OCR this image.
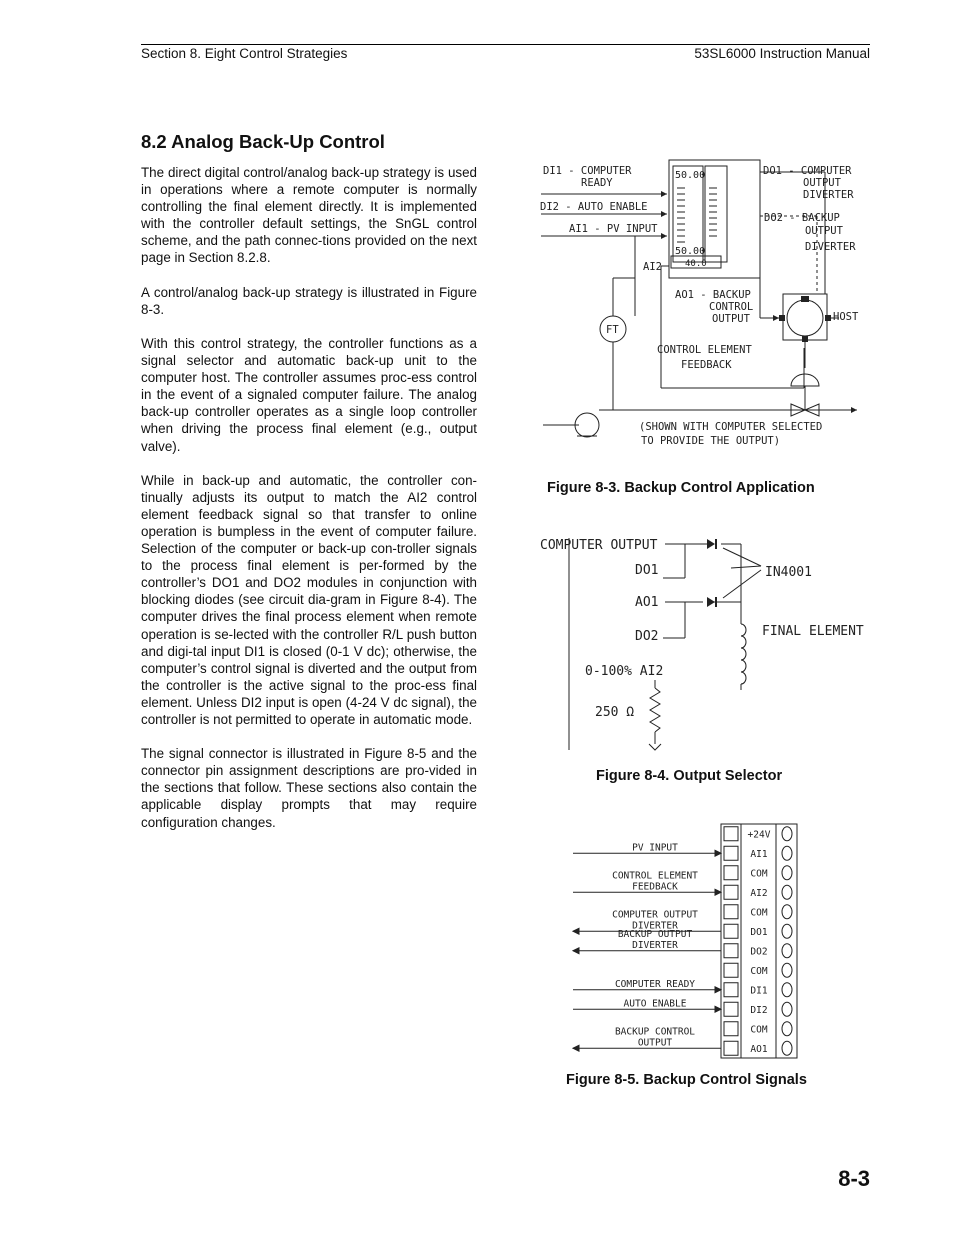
Section 8. Eight Control Strategies	53SL6000 Instruction Manual
8.2 Analog Back-Up Control

The direct digital control/analog back-up strategy is used in operations where a remote computer is normally controlling the final element directly. It is implemented with the controller default settings, the SnGL control scheme, and the path connec-tions provided on the next page in Section 8.2.8.

A control/analog back-up strategy is illustrated in Figure 8-3.

With this control strategy, the controller functions as a signal selector and automatic back-up unit to the computer host. The controller assumes proc-ess control in the event of a signaled computer failure. The analog back-up controller operates as a single loop controller when driving the process final element (e.g., output valve).

While in back-up and automatic, the controller con-tinually adjusts its output to match the AI2 control element feedback signal so that transfer to online operation is bumpless in the event of computer failure. Selection of the computer or back-up con-troller signals to the process final element is per-formed by the controller’s DO1 and DO2 modules in conjunction with blocking diodes (see circuit dia-gram in Figure 8-4). The computer drives the final process element when remote operation is se-lected with the controller R/L push button and digi-tal input DI1 is closed (0-1 V dc); otherwise, the computer’s control signal is diverted and the output from the controller is the active signal to the proc-ess final element. Unless DI2 input is open (4-24 V dc signal), the controller is not permitted to operate in automatic mode.

The signal connector is illustrated in Figure 8-5 and the connector pin assignment descriptions are pro-vided in the sections that follow. These sections also contain the applicable display prompts that may require configuration changes.

DI1 - COMPUTER
READY
DI2 - AUTO ENABLE
AI1 - PV INPUT
AI2
DO1 - COMPUTER
OUTPUT
DIVERTER
DO2 - BACKUP
OUTPUT
DIVERTER
AO1 - BACKUP
CONTROL
OUTPUT	HOST
FT
CONTROL ELEMENT
FEEDBACK
(SHOWN WITH COMPUTER SELECTED
TO PROVIDE THE OUTPUT)
50.00
50.00
40.0
Figure 8-3. Backup Control Application
COMPUTER OUTPUT
DO1
AO1
DO2
0-100% AI2
250 Ω
IN4001
FINAL ELEMENT
Figure 8-4. Output Selector
+24V
AI1
COM
AI2
COM
DO1
DO2
COM
DI1
DI2
COM
AO1
PV INPUT
CONTROL ELEMENT
FEEDBACK
COMPUTER OUTPUT
DIVERTER
BACKUP OUTPUT
DIVERTER
COMPUTER READY
AUTO ENABLE
BACKUP CONTROL
OUTPUT
Figure 8-5. Backup Control Signals
8-3
